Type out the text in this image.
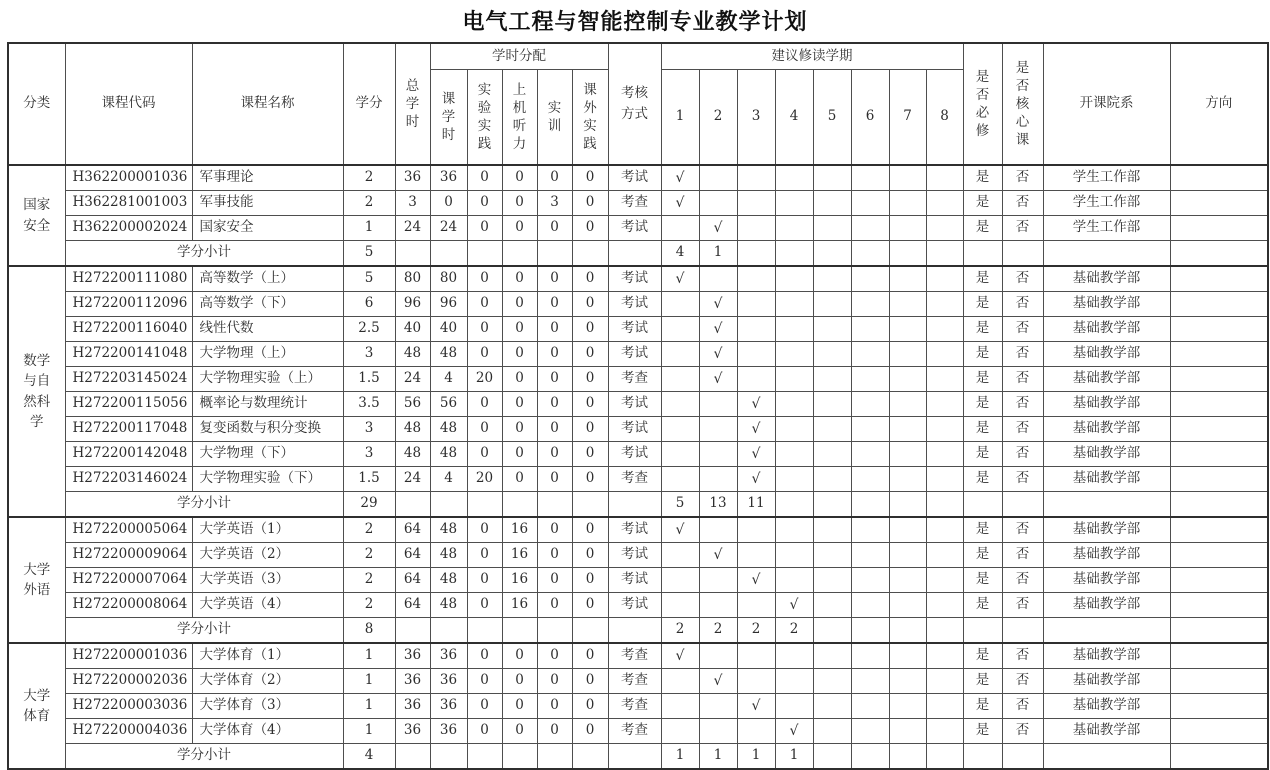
电气工程与智能控制专业教学计划
分类	课程代码	课程名称	学分	总学时	学时分配					考核方式	建议修读学期								是否必修	是否核心课	开课院系	方向
					课学时	实验实践	上机听力	实训	课外实践		1	2	3	4	5	6	7	8				
国家安全	H362200001036	军事理论	2	36	36	0	0	0	0	考试	√								是	否	学生工作部	
	H362281001003	军事技能	2	3	0	0	0	3	0	考查	√								是	否	学生工作部	
	H362200002024	国家安全	1	24	24	0	0	0	0	考试		√							是	否	学生工作部	
	学分小计		5								4	1										
数学与自然科学	H272200111080	高等数学（上）	5	80	80	0	0	0	0	考试	√								是	否	基础教学部	
	H272200112096	高等数学（下）	6	96	96	0	0	0	0	考试		√							是	否	基础教学部	
	H272200116040	线性代数	2.5	40	40	0	0	0	0	考试		√							是	否	基础教学部	
	H272200141048	大学物理（上）	3	48	48	0	0	0	0	考试		√							是	否	基础教学部	
	H272203145024	大学物理实验（上）	1.5	24	4	20	0	0	0	考查		√							是	否	基础教学部	
	H272200115056	概率论与数理统计	3.5	56	56	0	0	0	0	考试			√						是	否	基础教学部	
	H272200117048	复变函数与积分变换	3	48	48	0	0	0	0	考试			√						是	否	基础教学部	
	H272200142048	大学物理（下）	3	48	48	0	0	0	0	考试			√						是	否	基础教学部	
	H272203146024	大学物理实验（下）	1.5	24	4	20	0	0	0	考查			√						是	否	基础教学部	
	学分小计		29								5	13	11									
大学外语	H272200005064	大学英语（1）	2	64	48	0	16	0	0	考试	√								是	否	基础教学部	
	H272200009064	大学英语（2）	2	64	48	0	16	0	0	考试		√							是	否	基础教学部	
	H272200007064	大学英语（3）	2	64	48	0	16	0	0	考试			√						是	否	基础教学部	
	H272200008064	大学英语（4）	2	64	48	0	16	0	0	考试				√					是	否	基础教学部	
	学分小计		8								2	2	2	2								
大学体育	H272200001036	大学体育（1）	1	36	36	0	0	0	0	考查	√								是	否	基础教学部	
	H272200002036	大学体育（2）	1	36	36	0	0	0	0	考查		√							是	否	基础教学部	
	H272200003036	大学体育（3）	1	36	36	0	0	0	0	考查			√						是	否	基础教学部	
	H272200004036	大学体育（4）	1	36	36	0	0	0	0	考查				√					是	否	基础教学部	
	学分小计		4								1	1	1	1								
